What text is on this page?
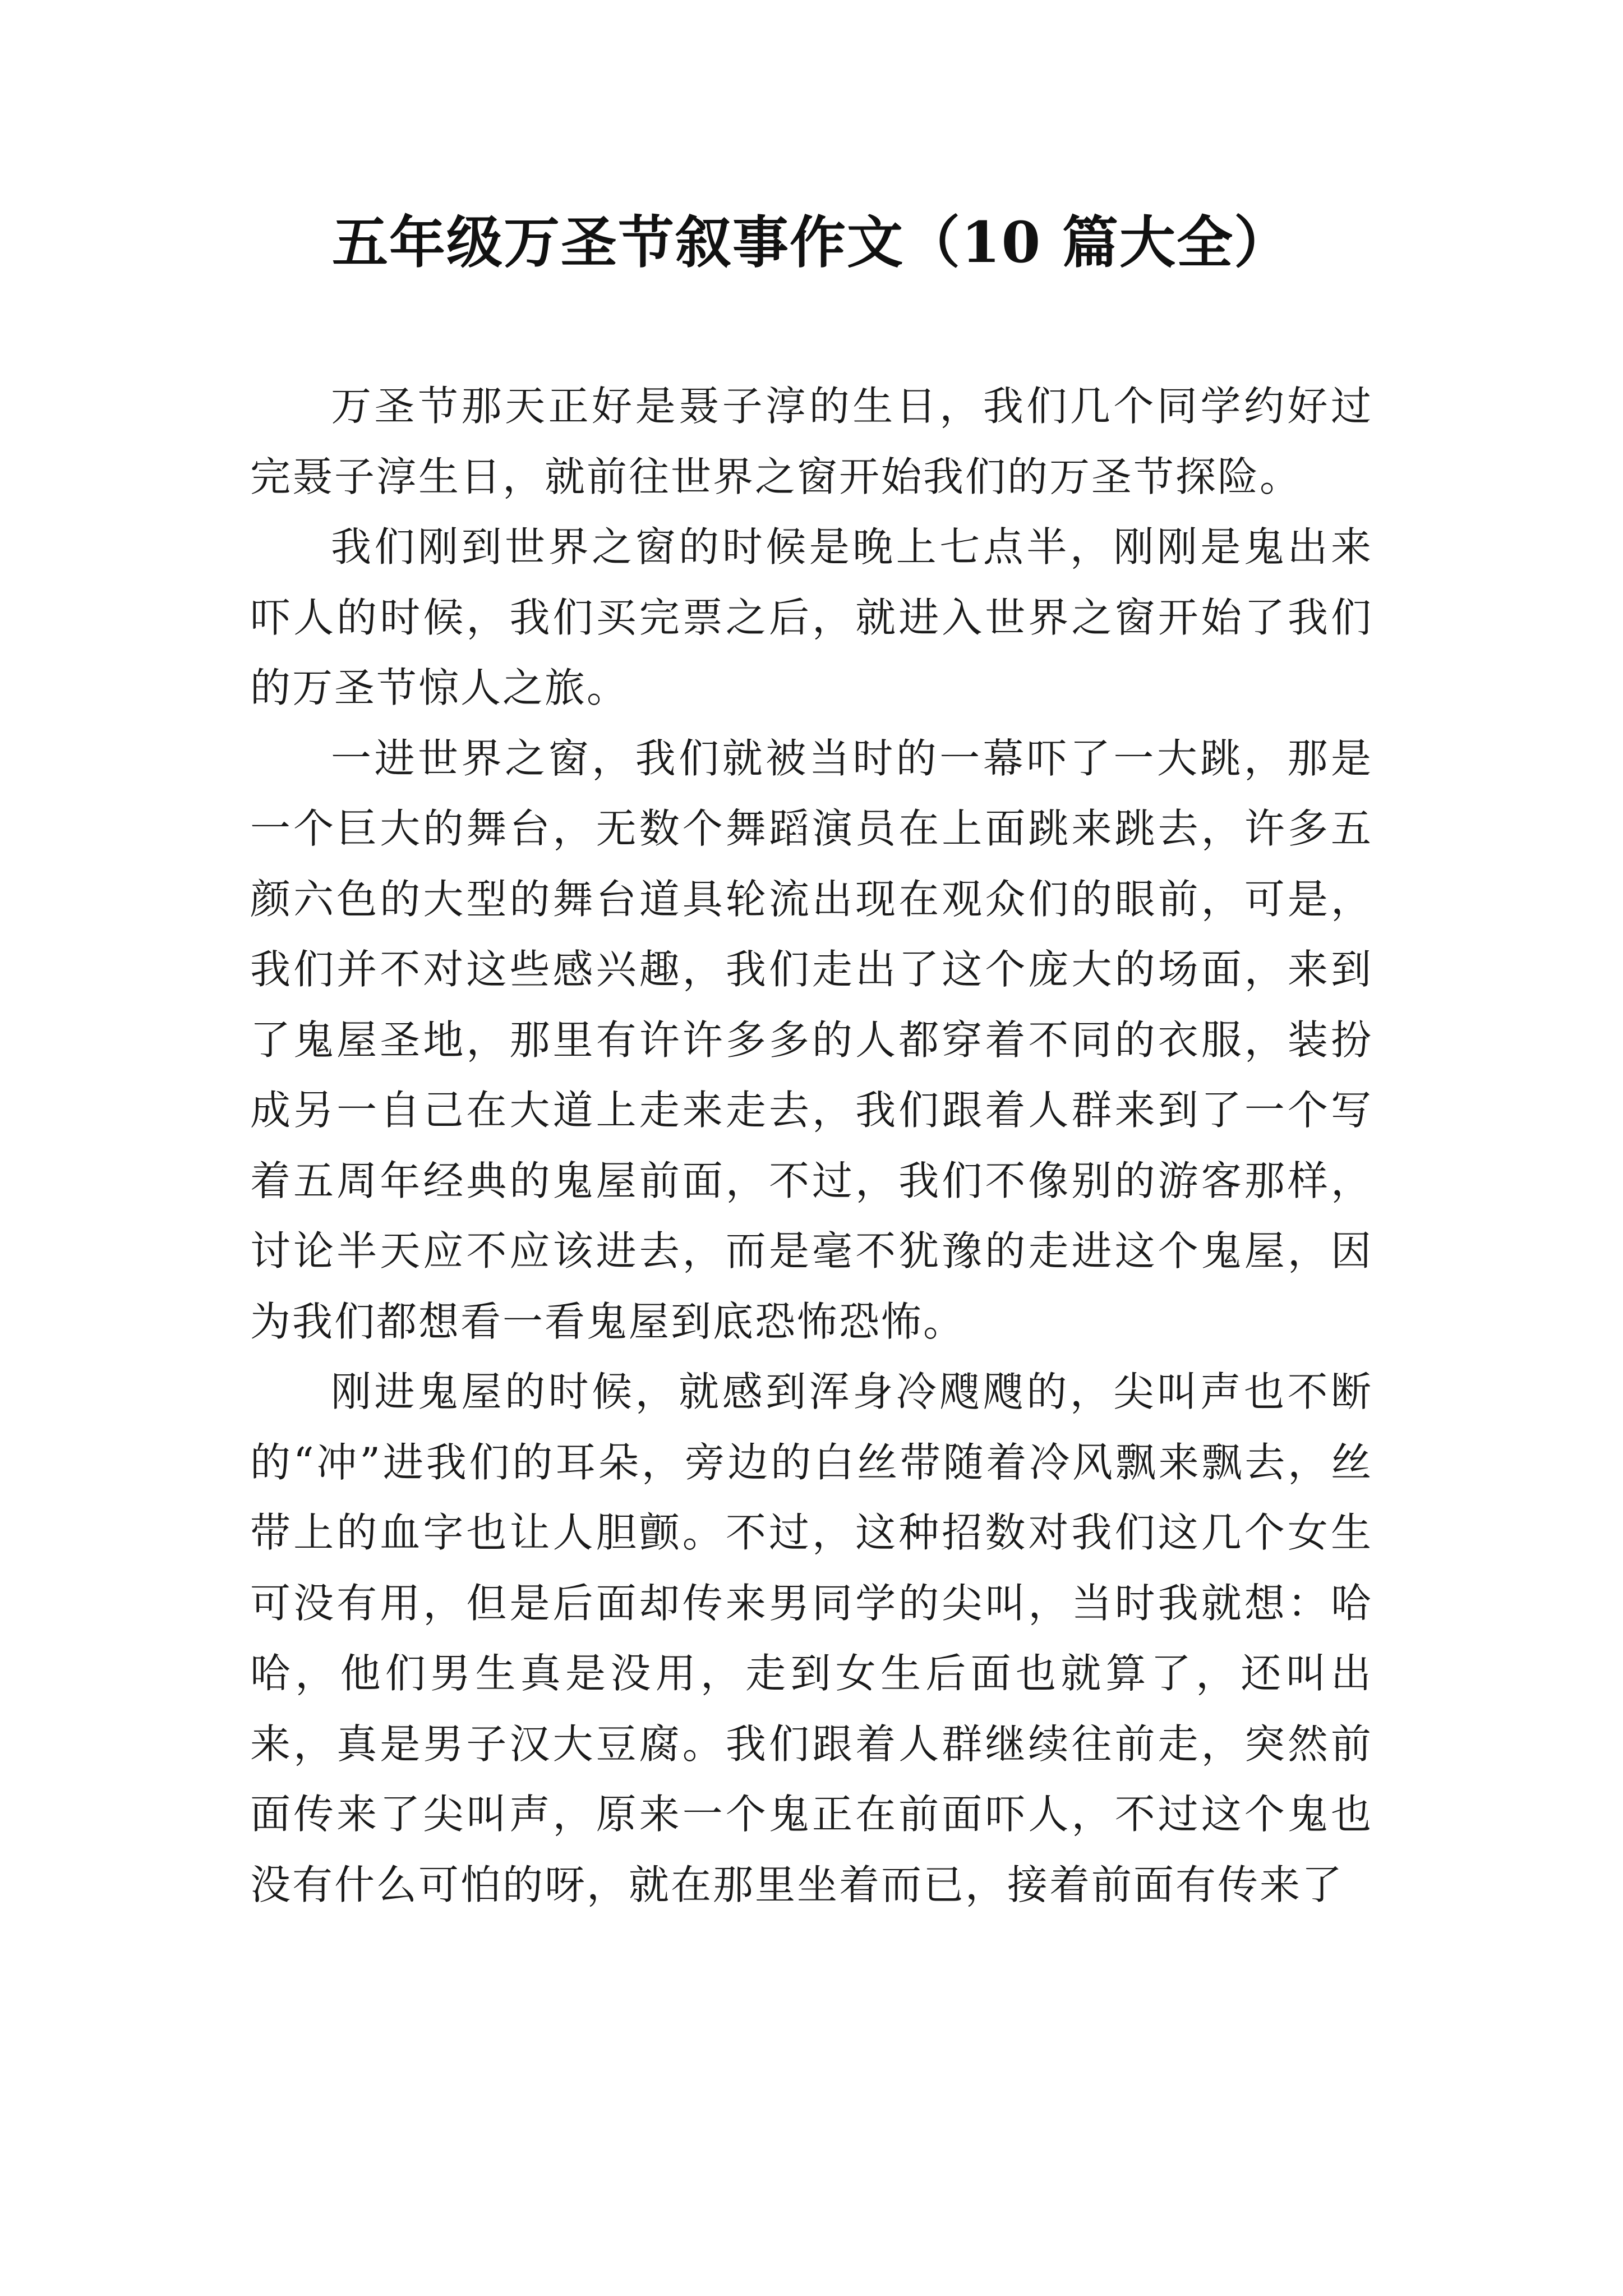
五年级万圣节叙事作文（10 篇大全）

万圣节那天正好是聂子淳的生日，我们几个同学约好过完聂子淳生日，就前往世界之窗开始我们的万圣节探险。

我们刚到世界之窗的时候是晚上七点半，刚刚是鬼出来吓人的时候，我们买完票之后，就进入世界之窗开始了我们的万圣节惊人之旅。

一进世界之窗，我们就被当时的一幕吓了一大跳，那是一个巨大的舞台，无数个舞蹈演员在上面跳来跳去，许多五颜六色的大型的舞台道具轮流出现在观众们的眼前，可是，我们并不对这些感兴趣，我们走出了这个庞大的场面，来到了鬼屋圣地，那里有许许多多的人都穿着不同的衣服，装扮成另一自己在大道上走来走去，我们跟着人群来到了一个写着五周年经典的鬼屋前面，不过，我们不像别的游客那样，讨论半天应不应该进去，而是毫不犹豫的走进这个鬼屋，因为我们都想看一看鬼屋到底恐怖恐怖。

刚进鬼屋的时候，就感到浑身冷飕飕的，尖叫声也不断的“冲”进我们的耳朵，旁边的白丝带随着冷风飘来飘去，丝带上的血字也让人胆颤。不过，这种招数对我们这几个女生可没有用，但是后面却传来男同学的尖叫，当时我就想：哈哈，他们男生真是没用，走到女生后面也就算了，还叫出来，真是男子汉大豆腐。我们跟着人群继续往前走，突然前面传来了尖叫声，原来一个鬼正在前面吓人，不过这个鬼也没有什么可怕的呀，就在那里坐着而已，接着前面有传来了
